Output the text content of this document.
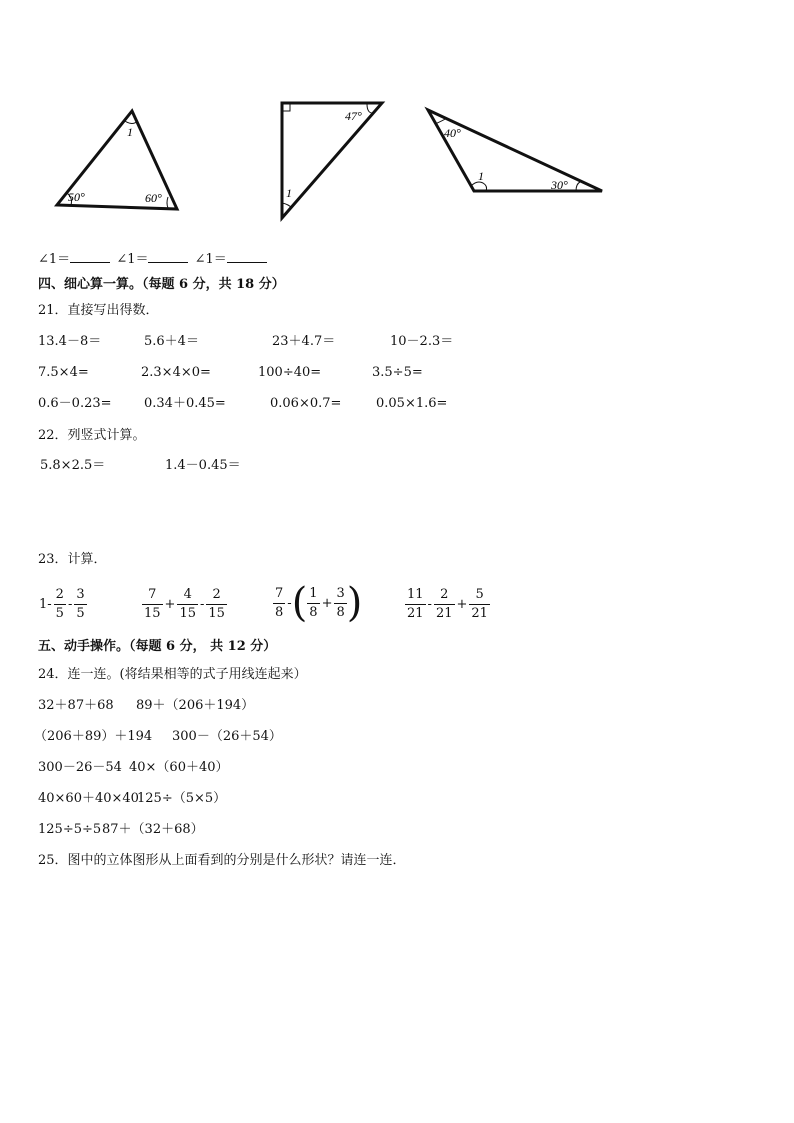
1
50°	60°
47°
1
40°
1
30°
∠1＝	∠1＝	∠1＝
四、细心算一算。（每题 6 分，共 18 分）
21．直接写出得数．
13.4－8＝	5.6＋4＝	23＋4.7＝	10－2.3＝
7.5×4=	2.3×4×0=	100÷40=	3.5÷5=
0.6－0.23= 0.34＋0.45=	0.06×0.7=	0.05×1.6=
22．列竖式计算。
5.8×2.5＝	1.4－0.45＝
23．计算．
$1- \frac{2}{5} - \frac{3}{5}$	$\frac{7}{15} + \frac{4}{15} - \frac{2}{15}$	$\frac{7}{8}$ - ( $\frac{1}{8} + \frac{3}{8}$ )	$\frac{11}{21} - \frac{2}{21} + \frac{5}{21}$
五、动手操作。（每题 6 分， 共 12 分）
24．连一连。(将结果相等的式子用线连起来）
32＋87＋68 89＋（206＋194）
（206＋89）＋194 300－（26＋54）
300－26－54 40×（60＋40）
40×60＋40×40
125÷（5×5）
125÷5÷5 87＋（32＋68）
25．图中的立体图形从上面看到的分别是什么形状？请连一连．
